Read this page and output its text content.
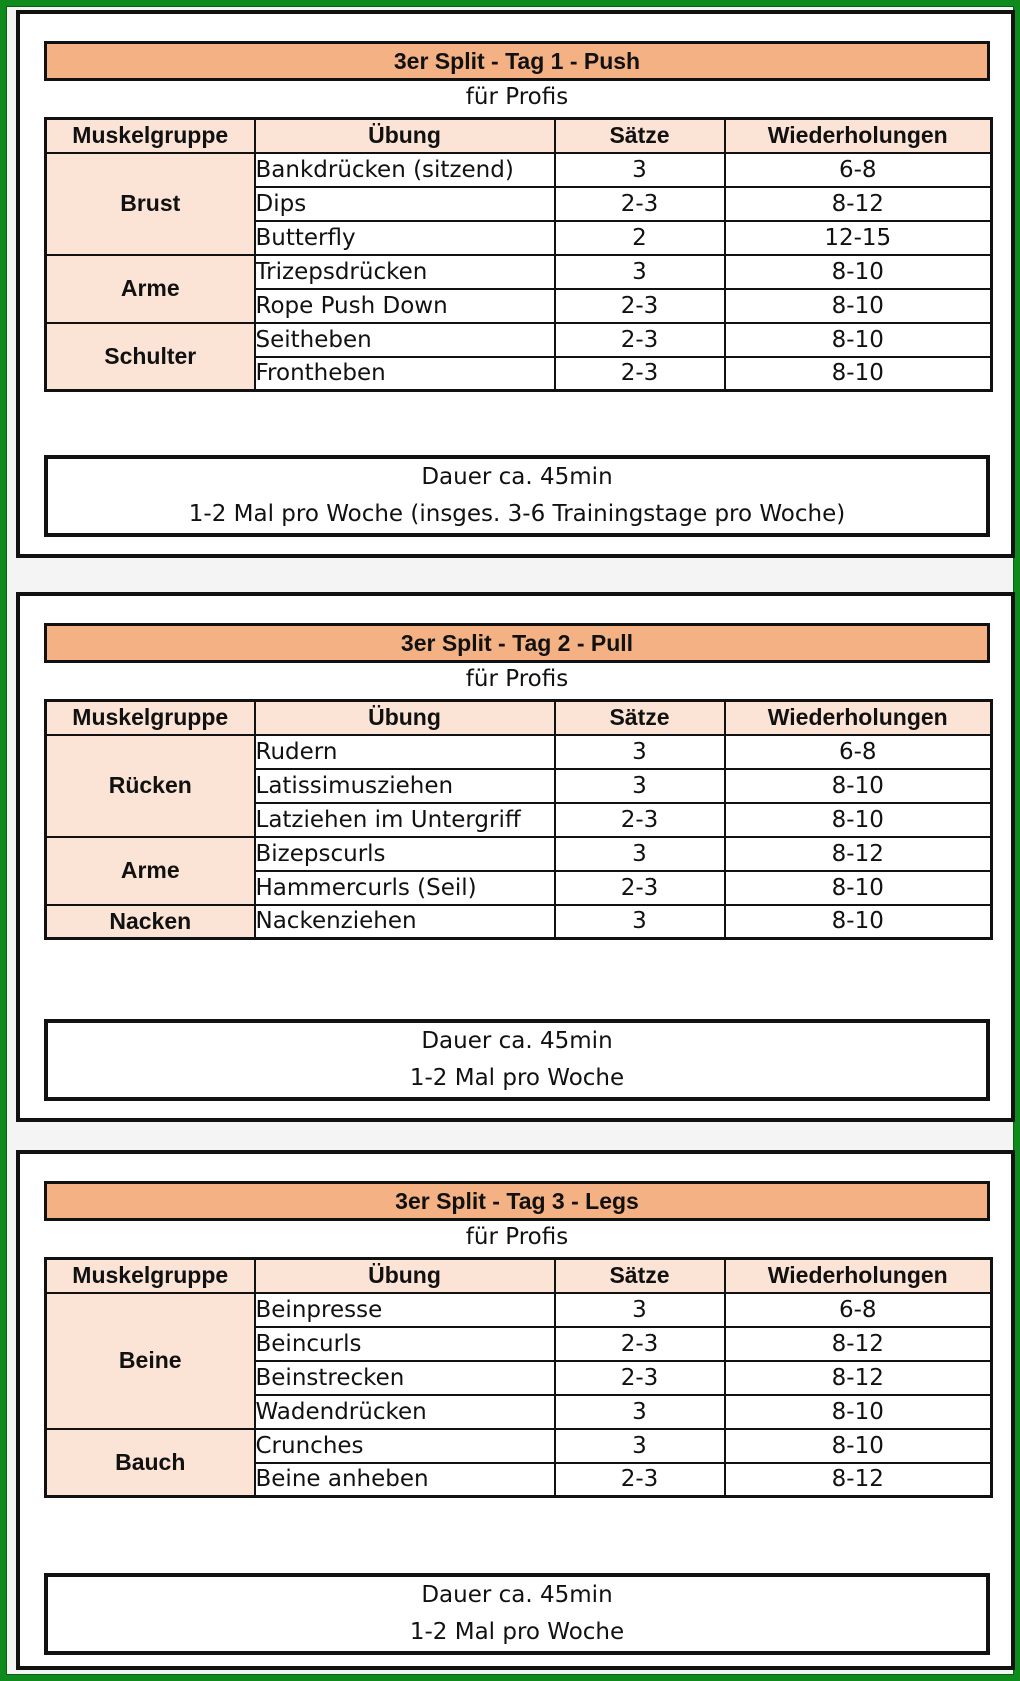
3er Split - Tag 1 - Push
für Profis
Muskelgruppe	Übung	Sätze	Wiederholungen
Brust	Bankdrücken (sitzend)	3	6-8
	Dips	2-3	8-12
	Butterfly	2	12-15
Arme	Trizepsdrücken	3	8-10
	Rope Push Down	2-3	8-10
Schulter	Seitheben	2-3	8-10
	Frontheben	2-3	8-10
Dauer ca. 45min
1-2 Mal pro Woche (insges. 3-6 Trainingstage pro Woche)
3er Split - Tag 2 - Pull
für Profis
Muskelgruppe	Übung	Sätze	Wiederholungen
Rücken	Rudern	3	6-8
	Latissimusziehen	3	8-10
	Latziehen im Untergriff	2-3	8-10
Arme	Bizepscurls	3	8-12
	Hammercurls (Seil)	2-3	8-10
Nacken	Nackenziehen	3	8-10
Dauer ca. 45min
1-2 Mal pro Woche
3er Split - Tag 3 - Legs
für Profis
Muskelgruppe	Übung	Sätze	Wiederholungen
Beine	Beinpresse	3	6-8
	Beincurls	2-3	8-12
	Beinstrecken	2-3	8-12
	Wadendrücken	3	8-10
Bauch	Crunches	3	8-10
	Beine anheben	2-3	8-12
Dauer ca. 45min
1-2 Mal pro Woche
